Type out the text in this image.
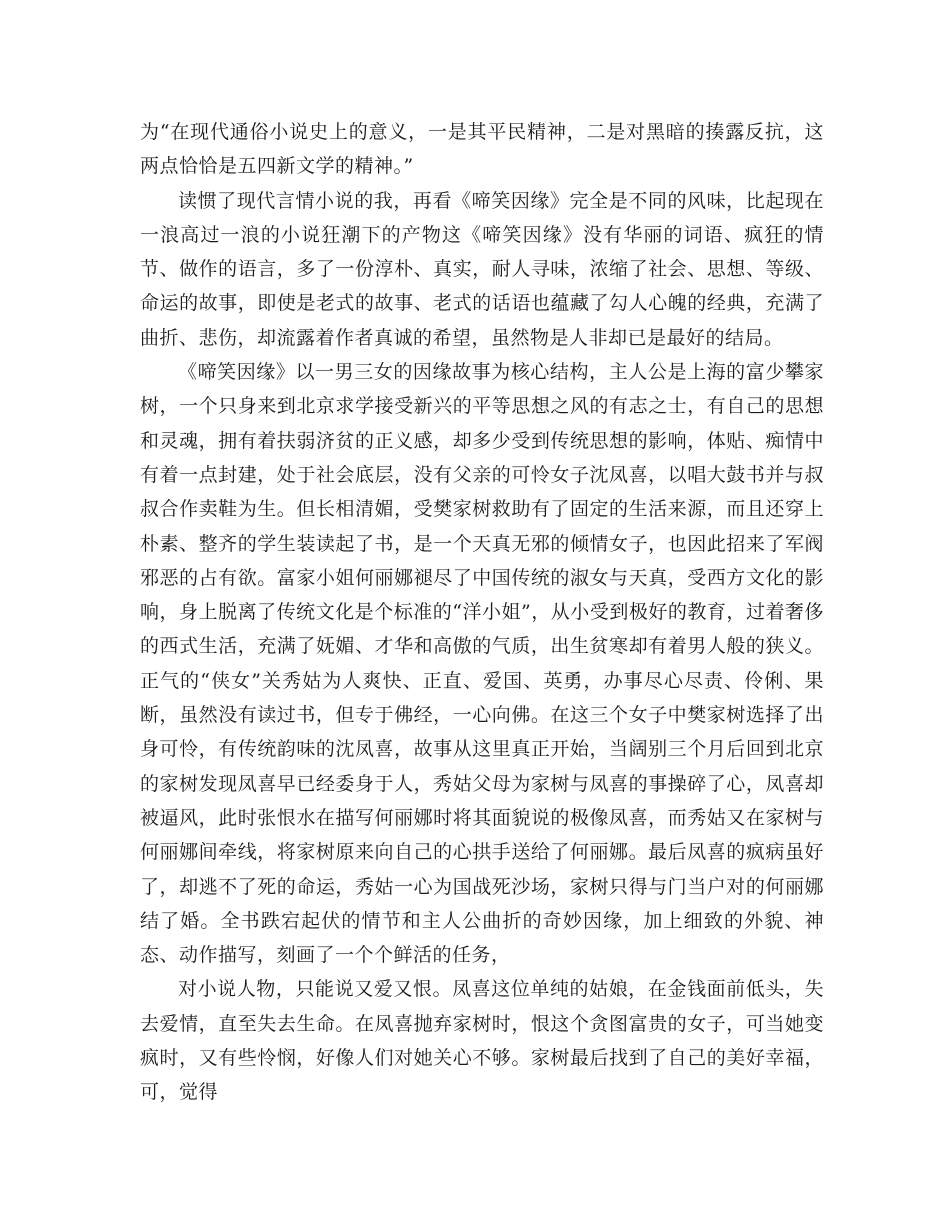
为“在现代通俗小说史上的意义，一是其平民精神，二是对黑暗的揍露反抗，这两点恰恰是五四新文学的精神。”

读惯了现代言情小说的我，再看《啼笑因缘》完全是不同的风味，比起现在一浪高过一浪的小说狂潮下的产物这《啼笑因缘》没有华丽的词语、疯狂的情节、做作的语言，多了一份淳朴、真实，耐人寻味，浓缩了社会、思想、等级、命运的故事，即使是老式的故事、老式的话语也蕴藏了勾人心魄的经典，充满了曲折、悲伤，却流露着作者真诚的希望，虽然物是人非却已是最好的结局。

《啼笑因缘》以一男三女的因缘故事为核心结构，主人公是上海的富少攀家树，一个只身来到北京求学接受新兴的平等思想之风的有志之士，有自己的思想和灵魂，拥有着扶弱济贫的正义感，却多少受到传统思想的影响，体贴、痴情中有着一点封建，处于社会底层，没有父亲的可怜女子沈凤喜，以唱大鼓书并与叔叔合作卖鞋为生。但长相清媚，受樊家树救助有了固定的生活来源，而且还穿上朴素、整齐的学生装读起了书，是一个天真无邪的倾情女子，也因此招来了军阀邪恶的占有欲。富家小姐何丽娜褪尽了中国传统的淑女与天真，受西方文化的影响，身上脱离了传统文化是个标准的“洋小姐”，从小受到极好的教育，过着奢侈的西式生活，充满了妩媚、才华和高傲的气质，出生贫寒却有着男人般的狭义。正气的“侠女”关秀姑为人爽快、正直、爱国、英勇，办事尽心尽责、伶俐、果断，虽然没有读过书，但专于佛经，一心向佛。在这三个女子中樊家树选择了出身可怜，有传统韵味的沈凤喜，故事从这里真正开始，当阔别三个月后回到北京的家树发现凤喜早已经委身于人，秀姑父母为家树与凤喜的事操碎了心，凤喜却被逼风，此时张恨水在描写何丽娜时将其面貌说的极像凤喜，而秀姑又在家树与何丽娜间牵线，将家树原来向自己的心拱手送给了何丽娜。最后凤喜的疯病虽好了，却逃不了死的命运，秀姑一心为国战死沙场，家树只得与门当户对的何丽娜结了婚。全书跌宕起伏的情节和主人公曲折的奇妙因缘，加上细致的外貌、神态、动作描写，刻画了一个个鲜活的任务，

对小说人物，只能说又爱又恨。凤喜这位单纯的姑娘，在金钱面前低头，失去爱情，直至失去生命。在凤喜抛弃家树时，恨这个贪图富贵的女子，可当她变疯时，又有些怜悯，好像人们对她关心不够。家树最后找到了自己的美好幸福，可，觉得
